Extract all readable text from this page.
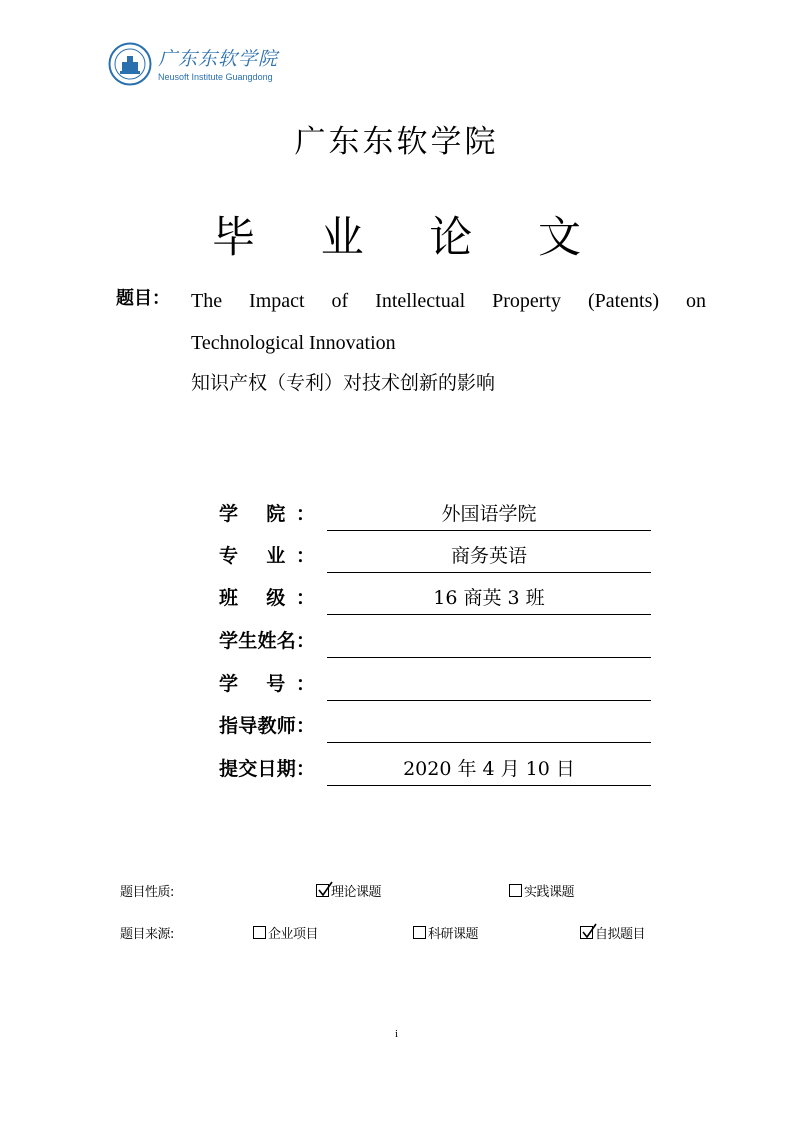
广东东软学院
Neusoft Institute Guangdong
广东东软学院
毕 业 论 文
题目： The Impact of Intellectual Property (Patents) on
Technological Innovation
知识产权（专利）对技术创新的影响
学 院：	外国语学院
专 业：	商务英语
班 级：	16 商英 3 班
学生姓名：
学 号：
指导教师：
提交日期：	2020 年 4 月 10 日
题目性质:	理论课题	实践课题
题目来源:	企业项目	科研课题	自拟题目
i
